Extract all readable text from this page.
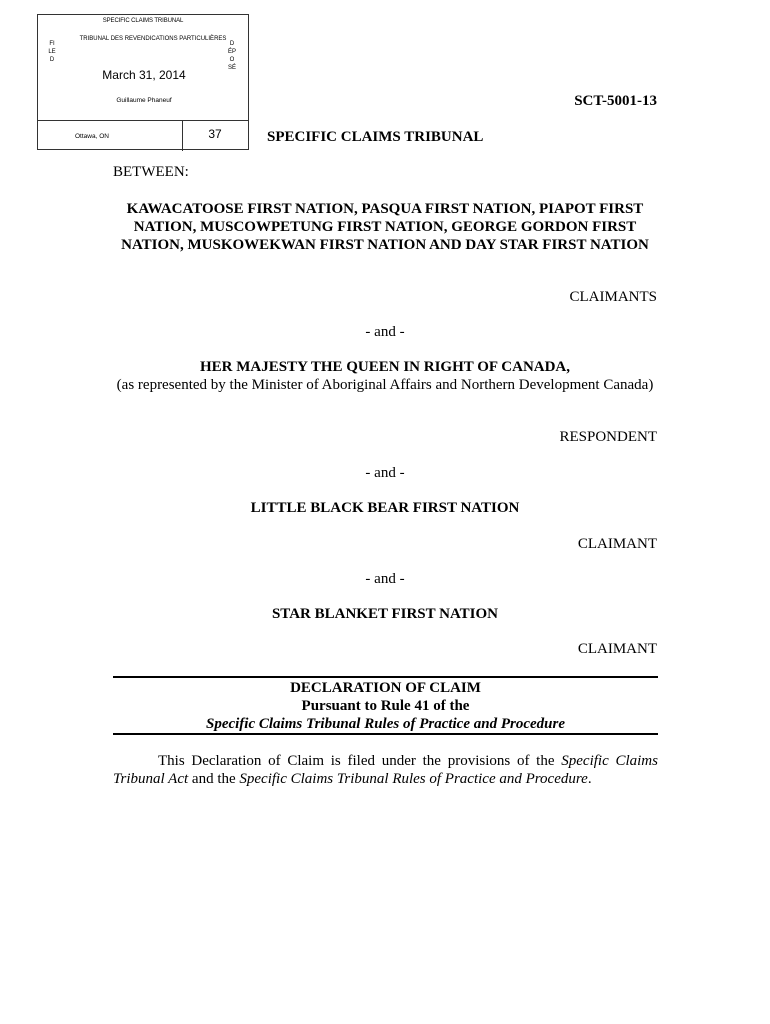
SPECIFIC CLAIMS TRIBUNAL
TRIBUNAL DES REVENDICATIONS PARTICULIÈRES
FILED
DÉPOSÉ
March 31, 2014
Guillaume Phaneuf
Ottawa, ON	37
SCT-5001-13
SPECIFIC CLAIMS TRIBUNAL
BETWEEN:
KAWACATOOSE FIRST NATION, PASQUA FIRST NATION, PIAPOT FIRST NATION, MUSCOWPETUNG FIRST NATION, GEORGE GORDON FIRST NATION, MUSKOWEKWAN FIRST NATION AND DAY STAR FIRST NATION
CLAIMANTS
- and -
HER MAJESTY THE QUEEN IN RIGHT OF CANADA,
(as represented by the Minister of Aboriginal Affairs and Northern Development Canada)
RESPONDENT
- and -
LITTLE BLACK BEAR FIRST NATION
CLAIMANT
- and -
STAR BLANKET FIRST NATION
CLAIMANT
DECLARATION OF CLAIM
Pursuant to Rule 41 of the
Specific Claims Tribunal Rules of Practice and Procedure
This Declaration of Claim is filed under the provisions of the Specific Claims Tribunal Act and the Specific Claims Tribunal Rules of Practice and Procedure.
